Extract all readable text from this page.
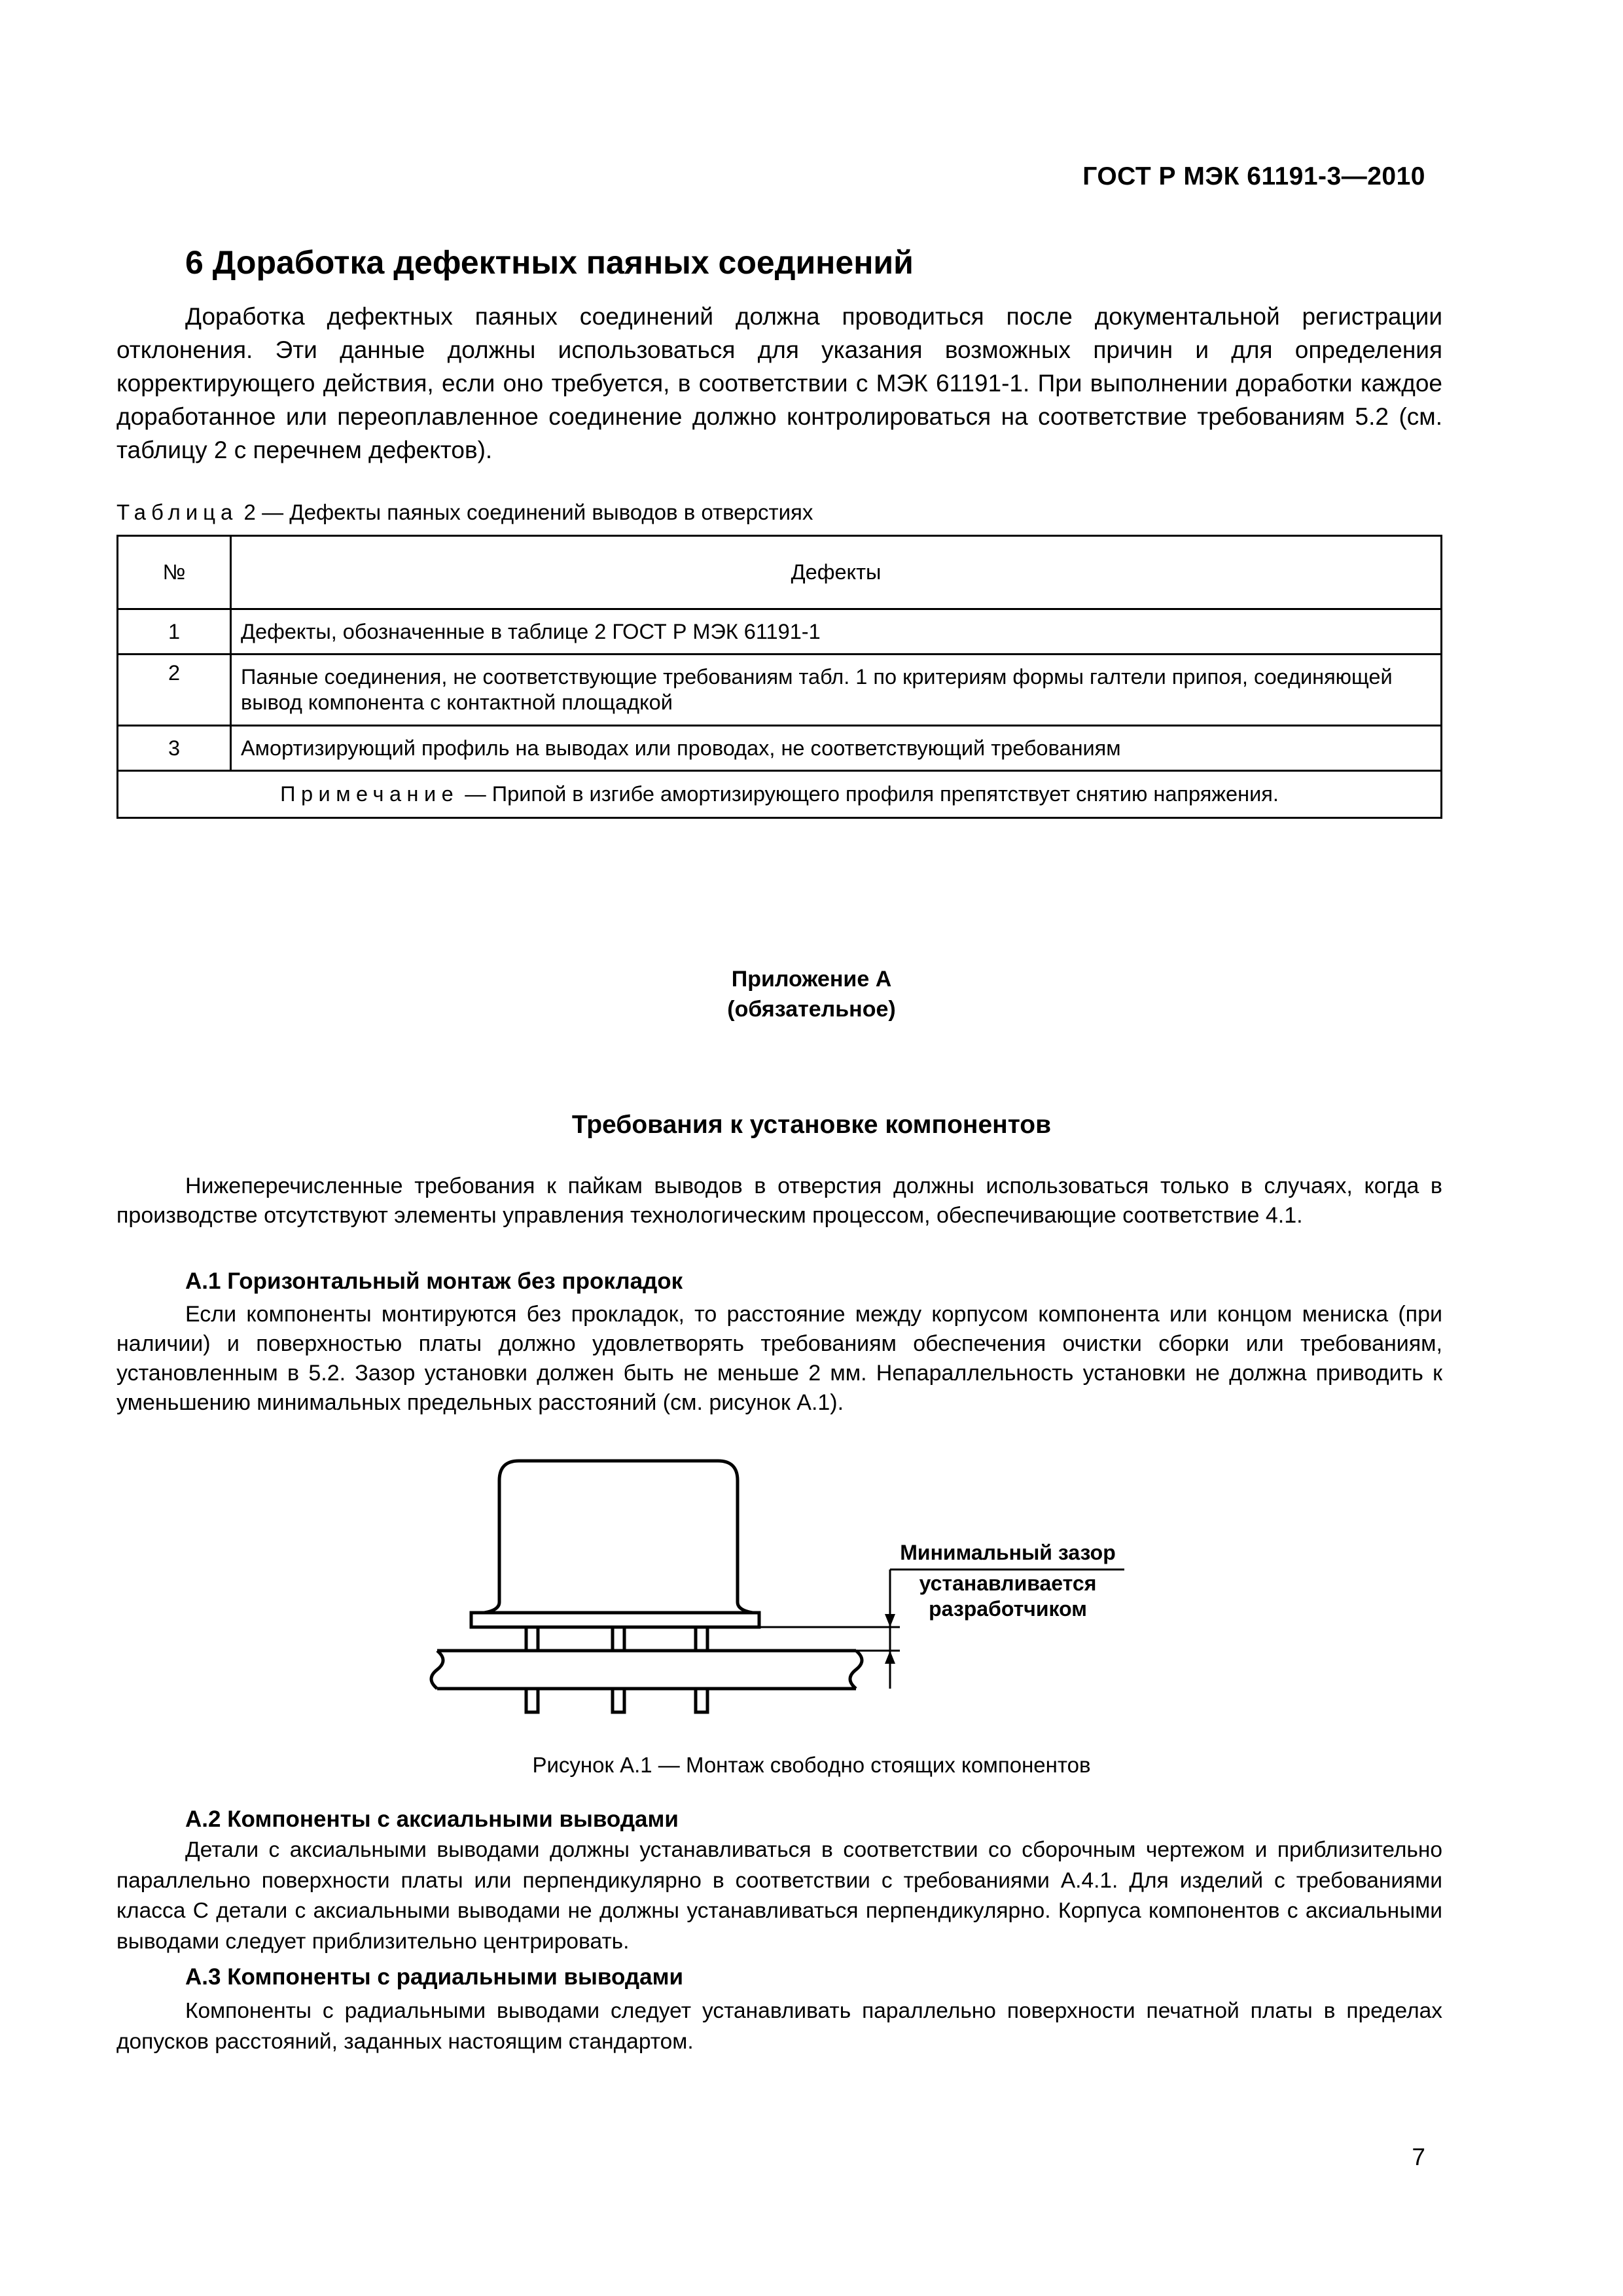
ГОСТ Р МЭК 61191-3—2010
6 Доработка дефектных паяных соединений

Доработка дефектных паяных соединений должна проводиться после документальной регистрации отклонения. Эти данные должны использоваться для указания возможных причин и для определения корректирующего действия, если оно требуется, в соответствии с МЭК 61191-1. При выполнении доработки каждое доработанное или переоплавленное соединение должно контролироваться на соответствие требованиям 5.2 (см. таблицу 2 с перечнем дефектов).

Таблица 2 — Дефекты паяных соединений выводов в отверстиях
№	Дефекты
1	Дефекты, обозначенные в таблице 2 ГОСТ Р МЭК 61191-1
2	Паяные соединения, не соответствующие требованиям табл. 1 по критериям формы галтели припоя, соединяющей вывод компонента с контактной площадкой
3	Амортизирующий профиль на выводах или проводах, не соответствующий требованиям
Примечание — Припой в изгибе амортизирующего профиля препятствует снятию напряжения.	
Приложение А
(обязательное)
Требования к установке компонентов

Нижеперечисленные требования к пайкам выводов в отверстия должны использоваться только в случаях, когда в производстве отсутствуют элементы управления технологическим процессом, обеспечивающие соответствие 4.1.

А.1 Горизонтальный монтаж без прокладок

Если компоненты монтируются без прокладок, то расстояние между корпусом компонента или концом мениска (при наличии) и поверхностью платы должно удовлетворять требованиям обеспечения очистки сборки или требованиям, установленным в 5.2. Зазор установки должен быть не меньше 2 мм. Непараллельность установки не должна приводить к уменьшению минимальных предельных расстояний (см. рисунок А.1).

Минимальный зазор
устанавливается
разработчиком
Рисунок А.1 — Монтаж свободно стоящих компонентов
А.2 Компоненты с аксиальными выводами

Детали с аксиальными выводами должны устанавливаться в соответствии со сборочным чертежом и приблизительно параллельно поверхности платы или перпендикулярно в соответствии с требованиями А.4.1. Для изделий с требованиями класса С детали с аксиальными выводами не должны устанавливаться перпендикулярно. Корпуса компонентов с аксиальными выводами следует приблизительно центрировать.

А.3 Компоненты с радиальными выводами

Компоненты с радиальными выводами следует устанавливать параллельно поверхности печатной платы в пределах допусков расстояний, заданных настоящим стандартом.

7
